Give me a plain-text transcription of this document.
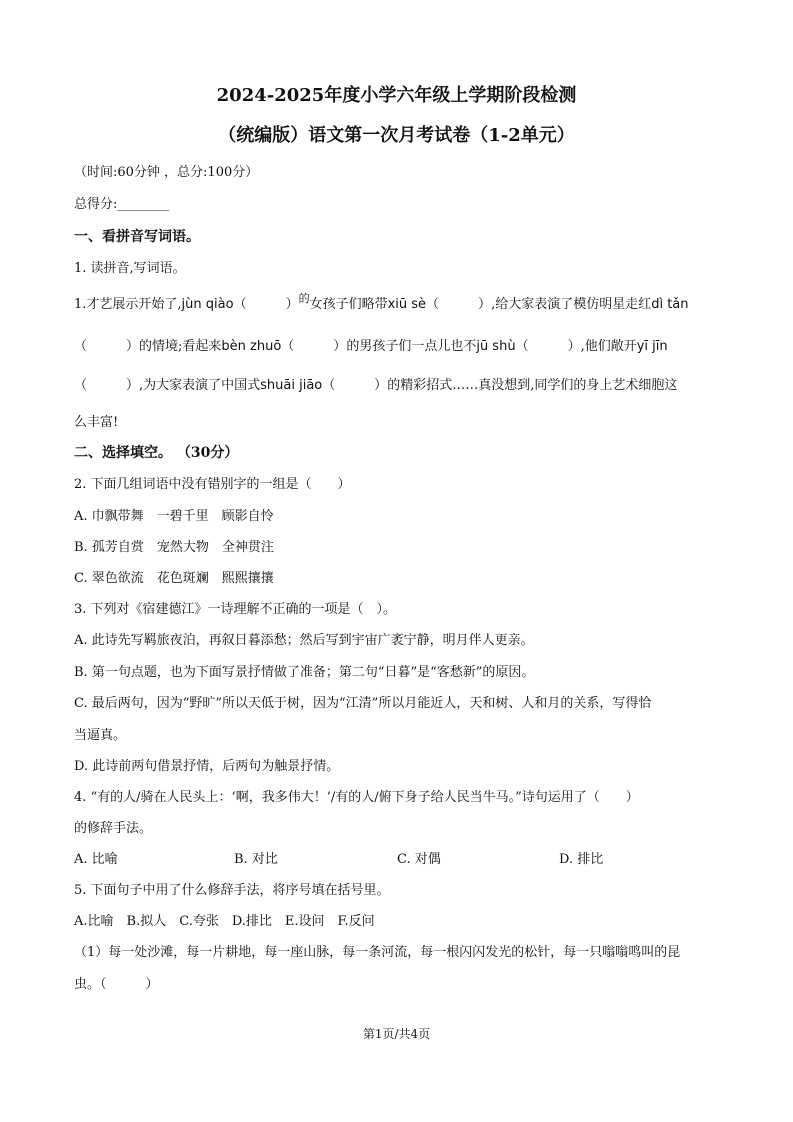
2024-2025年度小学六年级上学期阶段检测
（统编版）语文第一次月考试卷（1-2单元）
（时间:60分钟 ，总分:100分）
总得分:________
一、看拼音写词语。
1. 读拼音,写词语。
1.才艺展示开始了,jùn qiào（　　　）$^的$女孩子们略带xiū sè（　　　）,给大家表演了模仿明星走红dì tǎn
（　　　）的情境;看起来bèn zhuō（　　　）的男孩子们一点儿也不jū shù（　　　）,他们敞开yī jīn
（　　　）,为大家表演了中国式shuāi jiāo（　　　）的精彩招式……真没想到,同学们的身上艺术细胞这
么丰富!
二、选择填空。 （30分）
2. 下面几组词语中没有错别字的一组是（　　）
A. 巾飘带舞　一碧千里　顾影自怜
B. 孤芳自赏　宠然大物　全神贯注
C. 翠色欲流　花色斑斓　熙熙攘攘
3. 下列对《宿建德江》一诗理解不正确的一项是（　）。
A. 此诗先写羁旅夜泊，再叙日暮添愁；然后写到宇宙广袤宁静，明月伴人更亲。
B. 第一句点题，也为下面写景抒情做了准备；第二句“日暮”是“客愁新”的原因。
C. 最后两句，因为“野旷”所以天低于树，因为“江清”所以月能近人，天和树、人和月的关系，写得恰
当逼真。
D. 此诗前两句借景抒情，后两句为触景抒情。
4. “有的人/骑在人民头上：‘啊，我多伟大！’/有的人/俯下身子给人民当牛马。”诗句运用了（　　）
的修辞手法。
A. 比喻	B. 对比	C. 对偶	D. 排比
5. 下面句子中用了什么修辞手法，将序号填在括号里。
A.比喻　B.拟人　C.夸张　D.排比　E.设问　F.反问
（1）每一处沙滩，每一片耕地，每一座山脉，每一条河流，每一根闪闪发光的松针，每一只嗡嗡鸣叫的昆
虫。（　　　）
第1页/共4页
